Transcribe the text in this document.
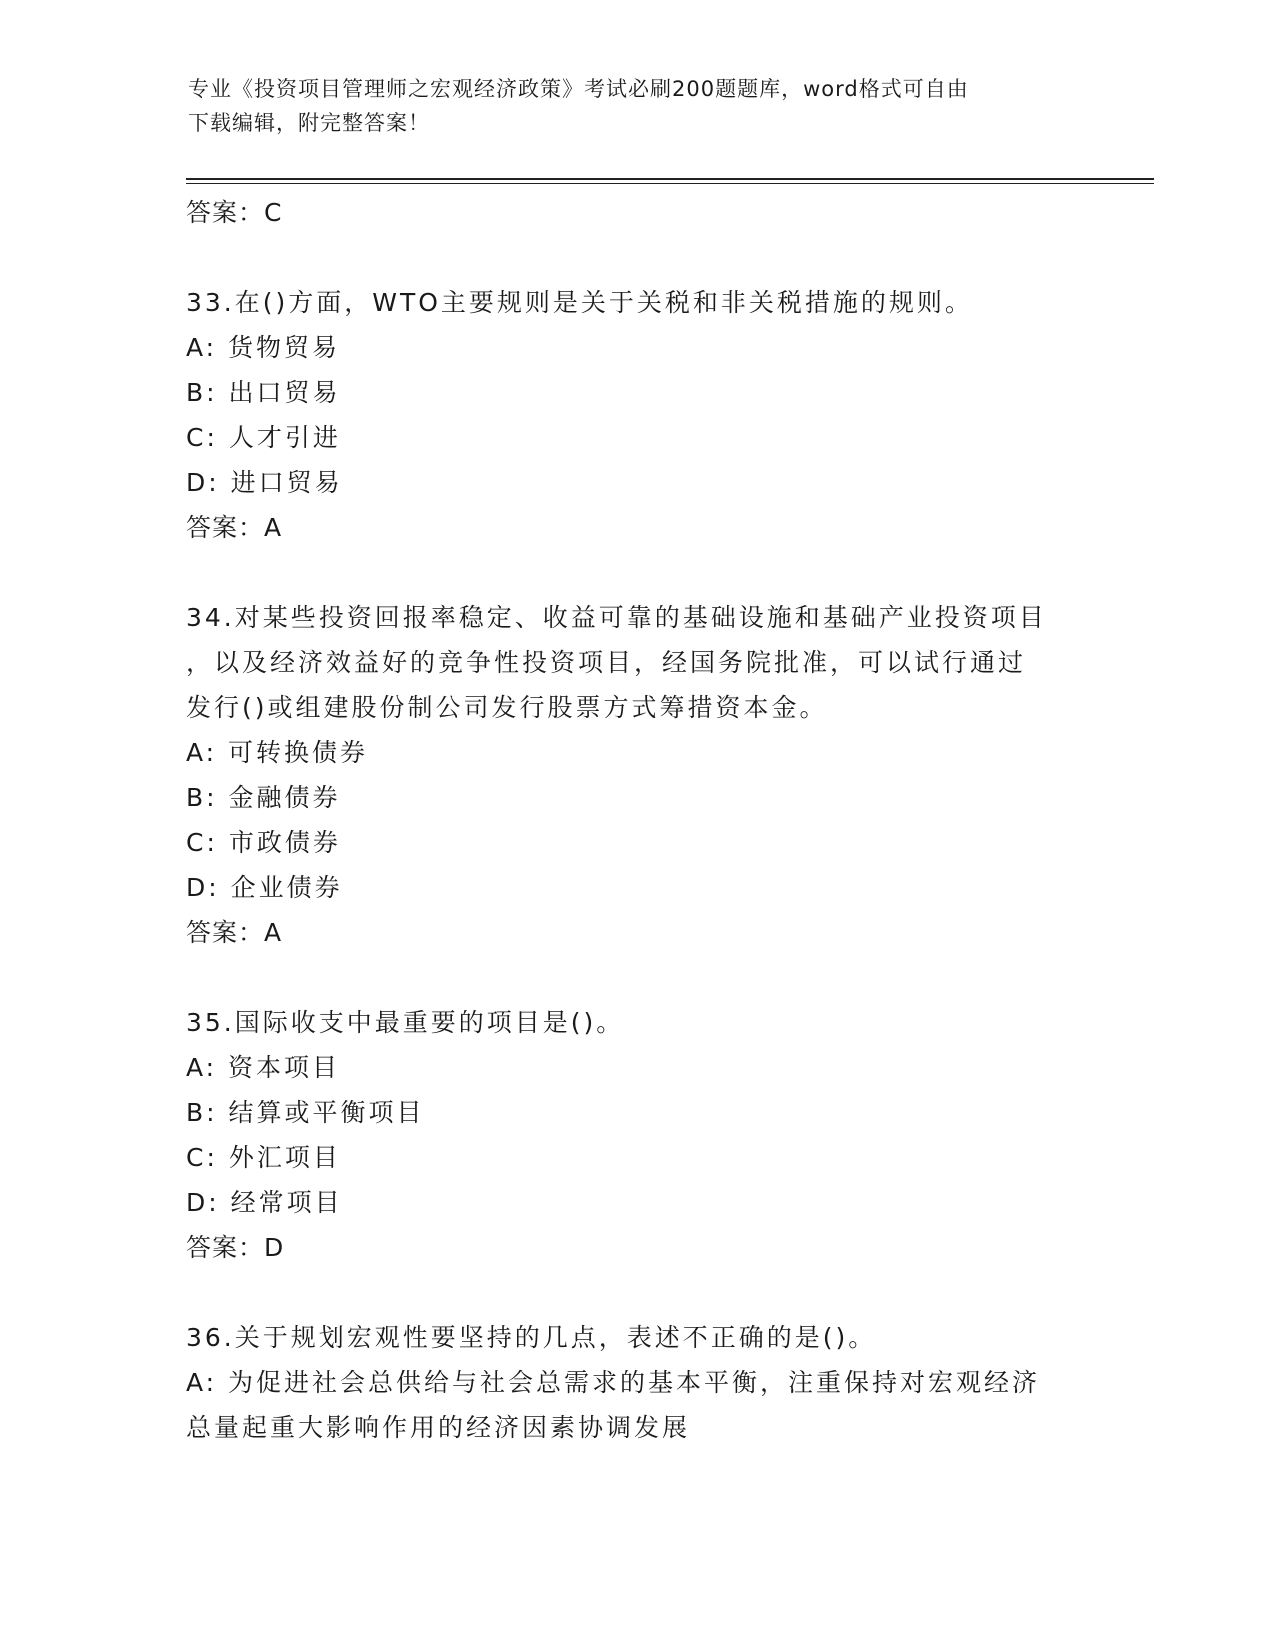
专业《投资项目管理师之宏观经济政策》考试必刷200题题库，word格式可自由
下载编辑，附完整答案！
答案：C
33.在()方面，WTO主要规则是关于关税和非关税措施的规则。
A: 货物贸易
B: 出口贸易
C: 人才引进
D: 进口贸易
答案：A
34.对某些投资回报率稳定、收益可靠的基础设施和基础产业投资项目
，以及经济效益好的竞争性投资项目，经国务院批准，可以试行通过
发行()或组建股份制公司发行股票方式筹措资本金。
A: 可转换债券
B: 金融债券
C: 市政债券
D: 企业债券
答案：A
35.国际收支中最重要的项目是()。
A: 资本项目
B: 结算或平衡项目
C: 外汇项目
D: 经常项目
答案：D
36.关于规划宏观性要坚持的几点，表述不正确的是()。
A: 为促进社会总供给与社会总需求的基本平衡，注重保持对宏观经济
总量起重大影响作用的经济因素协调发展
